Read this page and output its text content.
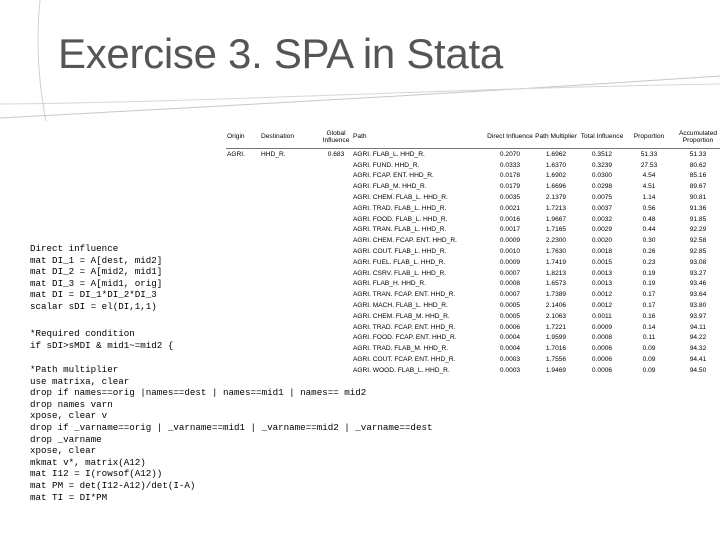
Exercise 3. SPA in Stata
Origin	Destination	Global Influence	Path	Direct Influence	Path Multiplier	Total Influence	Proportion	Accumulated Proportion
AGRI.	HHD_R.	0.683	AGRI. FLAB_L. HHD_R.	0.2070	1.6962	0.3512	51.33	51.33
			AGRI. FUND. HHD_R.	0.0333	1.6370	0.3239	27.53	80.62
			AGRI. FCAP. ENT. HHD_R.	0.0178	1.6902	0.0300	4.54	85.16
			AGRI. FLAB_M. HHD_R.	0.0179	1.6696	0.0298	4.51	89.67
			AGRI. CHEM. FLAB_L. HHD_R.	0.0035	2.1379	0.0075	1.14	90.81
			AGRI. TRAD. FLAB_L. HHD_R.	0.0021	1.7213	0.0037	0.56	91.36
			AGRI. FOOD. FLAB_L. HHD_R.	0.0016	1.9667	0.0032	0.48	91.85
			AGRI. TRAN. FLAB_L. HHD_R.	0.0017	1.7165	0.0029	0.44	92.29
			AGRI. CHEM. FCAP. ENT. HHD_R.	0.0009	2.2300	0.0020	0.30	92.58
			AGRI. COUT. FLAB_L. HHD_R.	0.0010	1.7630	0.0018	0.26	92.85
			AGRI. FUEL. FLAB_L. HHD_R.	0.0009	1.7419	0.0015	0.23	93.08
			AGRI. CSRV. FLAB_L. HHD_R.	0.0007	1.8213	0.0013	0.19	93.27
			AGRI. FLAB_H. HHD_R.	0.0008	1.6573	0.0013	0.19	93.46
			AGRI. TRAN. FCAP. ENT. HHD_R.	0.0007	1.7389	0.0012	0.17	93.64
			AGRI. MACH. FLAB_L. HHD_R.	0.0005	2.1406	0.0012	0.17	93.80
			AGRI. CHEM. FLAB_M. HHD_R.	0.0005	2.1063	0.0011	0.16	93.97
			AGRI. TRAD. FCAP. ENT. HHD_R.	0.0006	1.7221	0.0009	0.14	94.11
			AGRI. FOOD. FCAP. ENT. HHD_R.	0.0004	1.9599	0.0008	0.11	94.22
			AGRI. TRAD. FLAB_M. HHD_R.	0.0004	1.7016	0.0006	0.09	94.32
			AGRI. COUT. FCAP. ENT. HHD_R.	0.0003	1.7556	0.0006	0.09	94.41
			AGRI. WOOD. FLAB_L. HHD_R.	0.0003	1.9469	0.0006	0.09	94.50
Direct influence
mat DI_1 = A[dest, mid2]
mat DI_2 = A[mid2, mid1]
mat DI_3 = A[mid1, orig]
mat DI = DI_1*DI_2*DI_3
scalar sDI = el(DI,1,1)
*Required condition
if sDI>sMDI & mid1~=mid2 {
*Path multiplier
use matrixa, clear
drop if names==orig |names==dest | names==mid1 | names== mid2
drop names varn
xpose, clear v
drop if _varname==orig | _varname==mid1 | _varname==mid2 | _varname==dest
drop _varname
xpose, clear
mkmat v*, matrix(A12)
mat I12 = I(rowsof(A12))
mat PM = det(I12-A12)/det(I-A)
mat TI = DI*PM
